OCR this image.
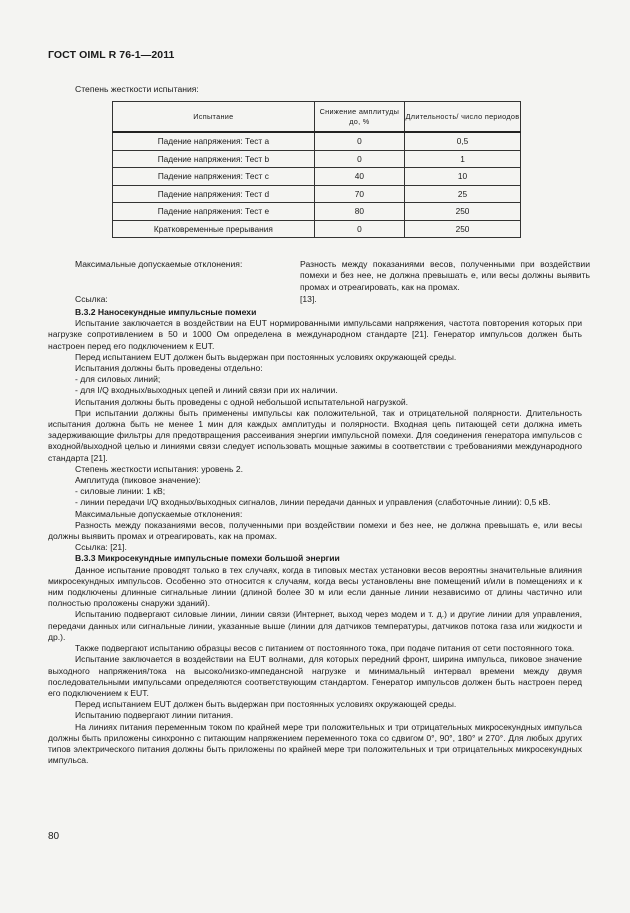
ГОСТ OIML R 76-1—2011
Степень жесткости испытания:
Испытание	Снижение амплитуды до, %	Длительность/ число периодов
Падение напряжения: Тест a	0	0,5
Падение напряжения: Тест b	0	1
Падение напряжения: Тест c	40	10
Падение напряжения: Тест d	70	25
Падение напряжения: Тест e	80	250
Кратковременные прерывания	0	250
Максимальные допускаемые отклонения:	Разность между показаниями весов, полученными при воздействии помехи и без нее, не должна превышать e, или весы должны выявить промах и отреагировать, как на промах.
Ссылка:	[13].

B.3.2 Наносекундные импульсные помехи

Испытание заключается в воздействии на EUT нормированными импульсами напряжения, частота повторения которых при нагрузке сопротивлением в 50 и 1000 Ом определена в международном стандарте [21]. Генератор импульсов должен быть настроен перед его подключением к EUT.

Перед испытанием EUT должен быть выдержан при постоянных условиях окружающей среды.

Испытания должны быть проведены отдельно:

- для силовых линий;

- для I/Q входных/выходных цепей и линий связи при их наличии.

Испытания должны быть проведены с одной небольшой испытательной нагрузкой.

При испытании должны быть применены импульсы как положительной, так и отрицательной полярности. Длительность испытания должна быть не менее 1 мин для каждых амплитуды и полярности. Входная цепь питающей сети должна иметь задерживающие фильтры для предотвращения рассеивания энергии импульсной помехи. Для соединения генератора импульсов с входной/выходной целью и линиями связи следует использовать мощные зажимы в соответствии с требованиями международного стандарта [21].

Степень жесткости испытания: уровень 2.

Амплитуда (пиковое значение):

- силовые линии: 1 кВ;

- линии передачи I/Q входных/выходных сигналов, линии передачи данных и управления (слаботочные линии): 0,5 кВ.

Максимальные допускаемые отклонения:

Разность между показаниями весов, полученными при воздействии помехи и без нее, не должна превышать e, или весы должны выявить промах и отреагировать, как на промах.

Ссылка: [21].

B.3.3 Микросекундные импульсные помехи большой энергии

Данное испытание проводят только в тех случаях, когда в типовых местах установки весов вероятны значительные влияния микросекундных импульсов. Особенно это относится к случаям, когда весы установлены вне помещений и/или в помещениях и к ним подключены длинные сигнальные линии (длиной более 30 м или если данные линии независимо от длины частично или полностью проложены снаружи зданий).

Испытанию подвергают силовые линии, линии связи (Интернет, выход через модем и т. д.) и другие линии для управления, передачи данных или сигнальные линии, указанные выше (линии для датчиков температуры, датчиков потока газа или жидкости и др.).

Также подвергают испытанию образцы весов с питанием от постоянного тока, при подаче питания от сети постоянного тока.

Испытание заключается в воздействии на EUT волнами, для которых передний фронт, ширина импульса, пиковое значение выходного напряжения/тока на высоко/низко-импедансной нагрузке и минимальный интервал времени между двумя последовательными импульсами определяются соответствующим стандартом. Генератор импульсов должен быть настроен перед его подключением к EUT.

Перед испытанием EUT должен быть выдержан при постоянных условиях окружающей среды.

Испытанию подвергают линии питания.

На линиях питания переменным током по крайней мере три положительных и три отрицательных микросекундных импульса должны быть приложены синхронно с питающим напряжением переменного тока со сдвигом 0°, 90°, 180° и 270°. Для любых других типов электрического питания должны быть приложены по крайней мере три положительных и три отрицательных микросекундных импульса.

80
